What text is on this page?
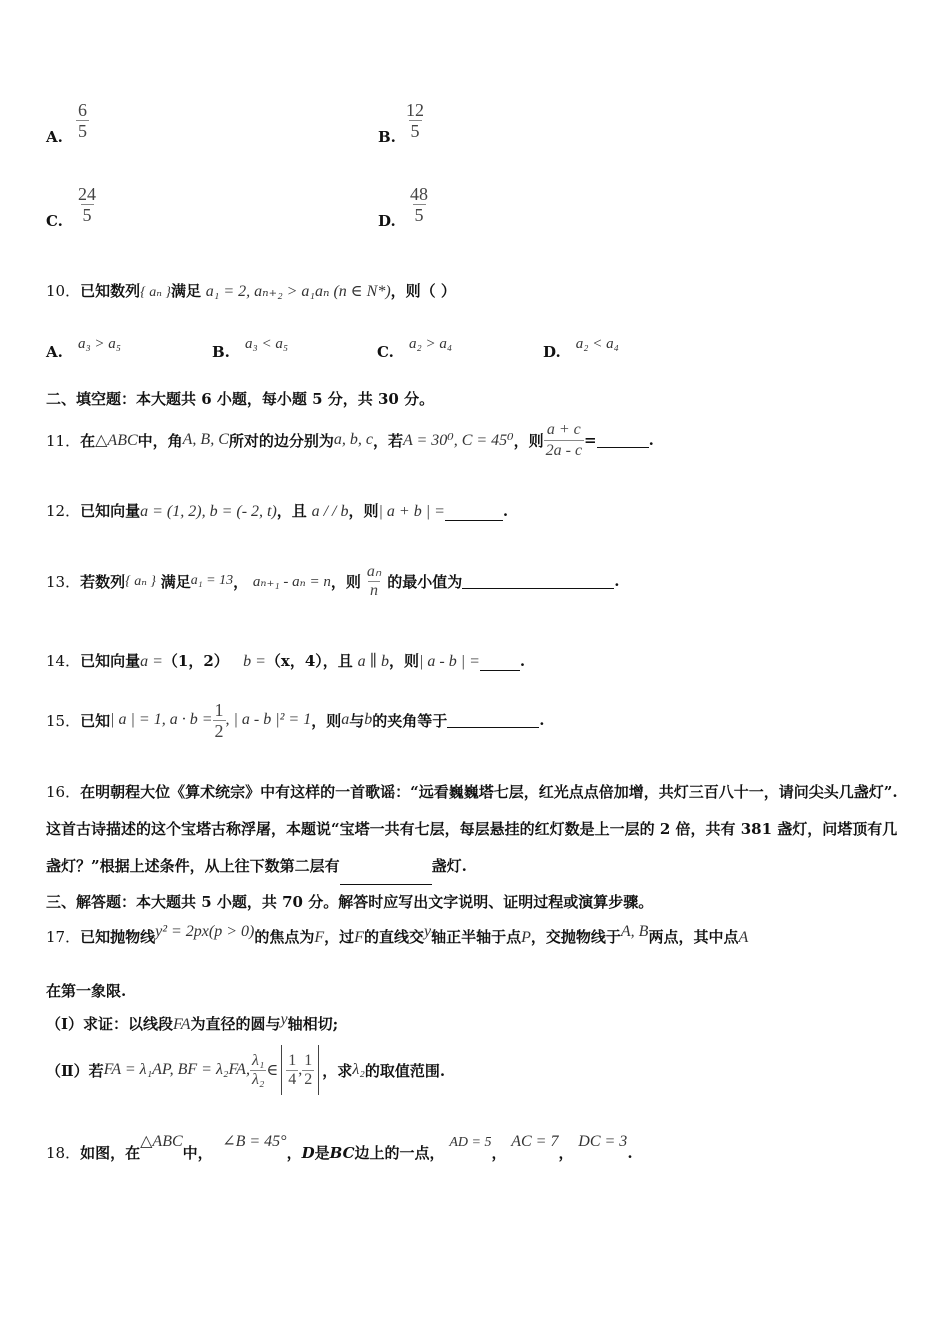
A. $\frac{6}{5}$	B. $\frac{12}{5}$
C. $\frac{24}{5}$	D. $\frac{48}{5}$
10．已知数列{ aₙ }满足 a₁ = 2, aₙ₊₂ > a₁aₙ (n ∈ N*)，则（ ）
A. a₃ > a₅	B. a₃ < a₅	C. a₂ > a₄	D. a₂ < a₄
二、填空题：本大题共 6 小题，每小题 5 分，共 30 分。
11． 在 △ABC 中，角 A, B, C 所对的边分别为 a, b, c ，若 A = 30⁰, C = 45⁰ ，则 $\frac{a + c}{2a - c}$ =	.
12．已知向量a = (1, 2), b = (- 2, t)，且 a / / b，则| a + b | =	.
13． 若数列 { aₙ }
满足 a₁ = 13 ，
aₙ₊₁ - aₙ = n ，则 $\frac{\text{aₙ}}{n}$ 的最小值为	.
14．已知向量a =（1，2） b =（x，4），且 a ∥ b，则| a - b | =	.
15． 已知 | a | = 1, $a \cdot b = \frac{1}{2}$ , | a - b |² = 1 ，则 a 与 b 的夹角等于	.
16．在明朝程大位《算术统宗》中有这样的一首歌谣：“远看巍巍塔七层，红光点点倍加增，共灯三百八十一，请问尖头几盏灯”.这首古诗描述的这个宝塔古称浮屠，本题说“宝塔一共有七层，每层悬挂的红灯数是上一层的 2 倍，共有 381 盏灯，问塔顶有几盏灯？”根据上述条件，从上往下数第二层有	盏灯.
三、解答题：本大题共 5 小题，共 70 分。解答时应写出文字说明、证明过程或演算步骤。
17．已知抛物线y² = 2px(p > 0)的焦点为F，过F的直线交y轴正半轴于点P，交抛物线于A, B两点，其中点A
在第一象限.
（Ⅰ）求证：以线段FA为直径的圆与y轴相切;
（Ⅱ）若 FA = λ₁AP, BF = λ₂FA, $\frac{\text{λ₁}}{\text{λ₂}}$ ∈ $\frac{1}{4}$ , $\frac{1}{2}$ ，求 λ₂ 的取值范围.
18．如图，在△ABC中，  ∠B = 45°，D是BC边上的一点， AD = 5， AC = 7， DC = 3.
